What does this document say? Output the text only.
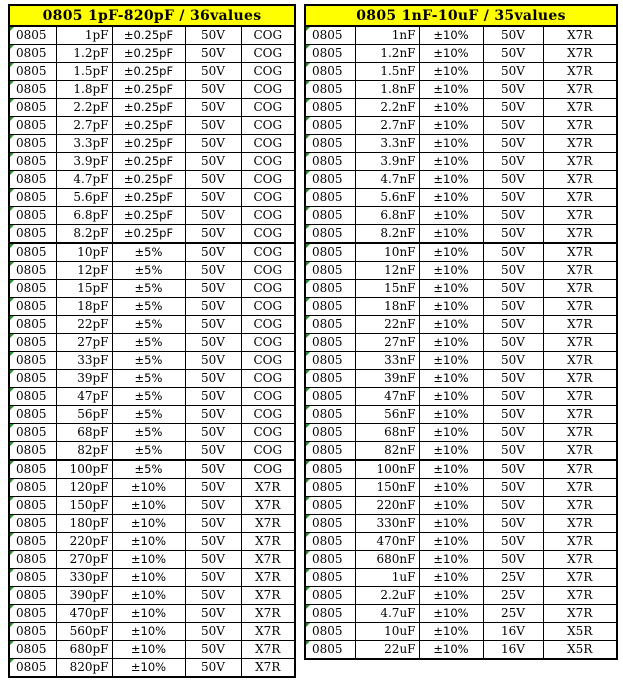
0805 1pF-820pF / 36values				
0805	1pF	±0.25pF	50V	COG
0805	1.2pF	±0.25pF	50V	COG
0805	1.5pF	±0.25pF	50V	COG
0805	1.8pF	±0.25pF	50V	COG
0805	2.2pF	±0.25pF	50V	COG
0805	2.7pF	±0.25pF	50V	COG
0805	3.3pF	±0.25pF	50V	COG
0805	3.9pF	±0.25pF	50V	COG
0805	4.7pF	±0.25pF	50V	COG
0805	5.6pF	±0.25pF	50V	COG
0805	6.8pF	±0.25pF	50V	COG
0805	8.2pF	±0.25pF	50V	COG
0805	10pF	±5%	50V	COG
0805	12pF	±5%	50V	COG
0805	15pF	±5%	50V	COG
0805	18pF	±5%	50V	COG
0805	22pF	±5%	50V	COG
0805	27pF	±5%	50V	COG
0805	33pF	±5%	50V	COG
0805	39pF	±5%	50V	COG
0805	47pF	±5%	50V	COG
0805	56pF	±5%	50V	COG
0805	68pF	±5%	50V	COG
0805	82pF	±5%	50V	COG
0805	100pF	±5%	50V	COG
0805	120pF	±10%	50V	X7R
0805	150pF	±10%	50V	X7R
0805	180pF	±10%	50V	X7R
0805	220pF	±10%	50V	X7R
0805	270pF	±10%	50V	X7R
0805	330pF	±10%	50V	X7R
0805	390pF	±10%	50V	X7R
0805	470pF	±10%	50V	X7R
0805	560pF	±10%	50V	X7R
0805	680pF	±10%	50V	X7R
0805	820pF	±10%	50V	X7R
0805 1nF-10uF / 35values				
0805	1nF	±10%	50V	X7R
0805	1.2nF	±10%	50V	X7R
0805	1.5nF	±10%	50V	X7R
0805	1.8nF	±10%	50V	X7R
0805	2.2nF	±10%	50V	X7R
0805	2.7nF	±10%	50V	X7R
0805	3.3nF	±10%	50V	X7R
0805	3.9nF	±10%	50V	X7R
0805	4.7nF	±10%	50V	X7R
0805	5.6nF	±10%	50V	X7R
0805	6.8nF	±10%	50V	X7R
0805	8.2nF	±10%	50V	X7R
0805	10nF	±10%	50V	X7R
0805	12nF	±10%	50V	X7R
0805	15nF	±10%	50V	X7R
0805	18nF	±10%	50V	X7R
0805	22nF	±10%	50V	X7R
0805	27nF	±10%	50V	X7R
0805	33nF	±10%	50V	X7R
0805	39nF	±10%	50V	X7R
0805	47nF	±10%	50V	X7R
0805	56nF	±10%	50V	X7R
0805	68nF	±10%	50V	X7R
0805	82nF	±10%	50V	X7R
0805	100nF	±10%	50V	X7R
0805	150nF	±10%	50V	X7R
0805	220nF	±10%	50V	X7R
0805	330nF	±10%	50V	X7R
0805	470nF	±10%	50V	X7R
0805	680nF	±10%	50V	X7R
0805	1uF	±10%	25V	X7R
0805	2.2uF	±10%	25V	X7R
0805	4.7uF	±10%	25V	X7R
0805	10uF	±10%	16V	X5R
0805	22uF	±10%	16V	X5R
